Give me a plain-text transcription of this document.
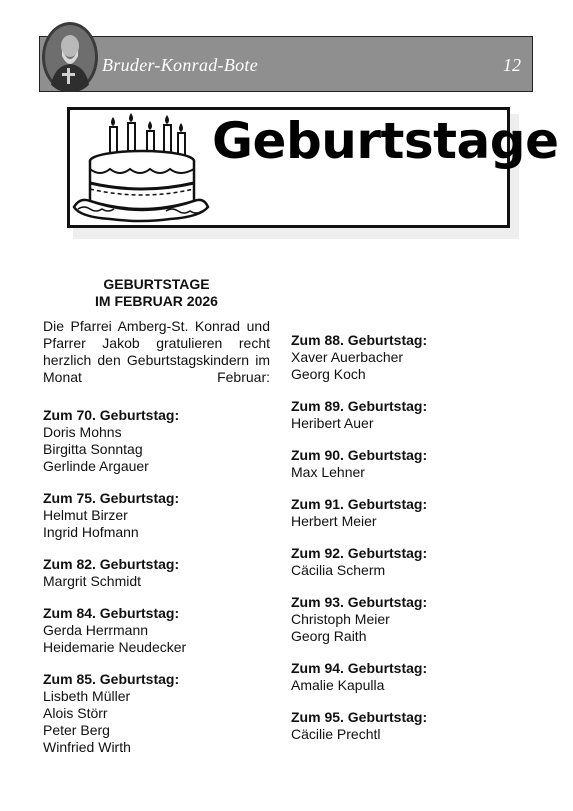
Bruder-Konrad-Bote	12
Geburtstage
GEBURTSTAGE
IM FEBRUAR 2026
Die Pfarrei Amberg-St. Konrad und Pfarrer Jakob gratulieren recht herzlich den Geburtstagskindern im Monat Februar:
Zum 70. Geburtstag:
Doris Mohns
Birgitta Sonntag
Gerlinde Argauer
Zum 75. Geburtstag:
Helmut Birzer
Ingrid Hofmann
Zum 82. Geburtstag:
Margrit Schmidt
Zum 84. Geburtstag:
Gerda Herrmann
Heidemarie Neudecker
Zum 85. Geburtstag:
Lisbeth Müller
Alois Störr
Peter Berg
Winfried Wirth
Zum 88. Geburtstag:
Xaver Auerbacher
Georg Koch
Zum 89. Geburtstag:
Heribert Auer
Zum 90. Geburtstag:
Max Lehner
Zum 91. Geburtstag:
Herbert Meier
Zum 92. Geburtstag:
Cäcilia Scherm
Zum 93. Geburtstag:
Christoph Meier
Georg Raith
Zum 94. Geburtstag:
Amalie Kapulla
Zum 95. Geburtstag:
Cäcilie Prechtl
